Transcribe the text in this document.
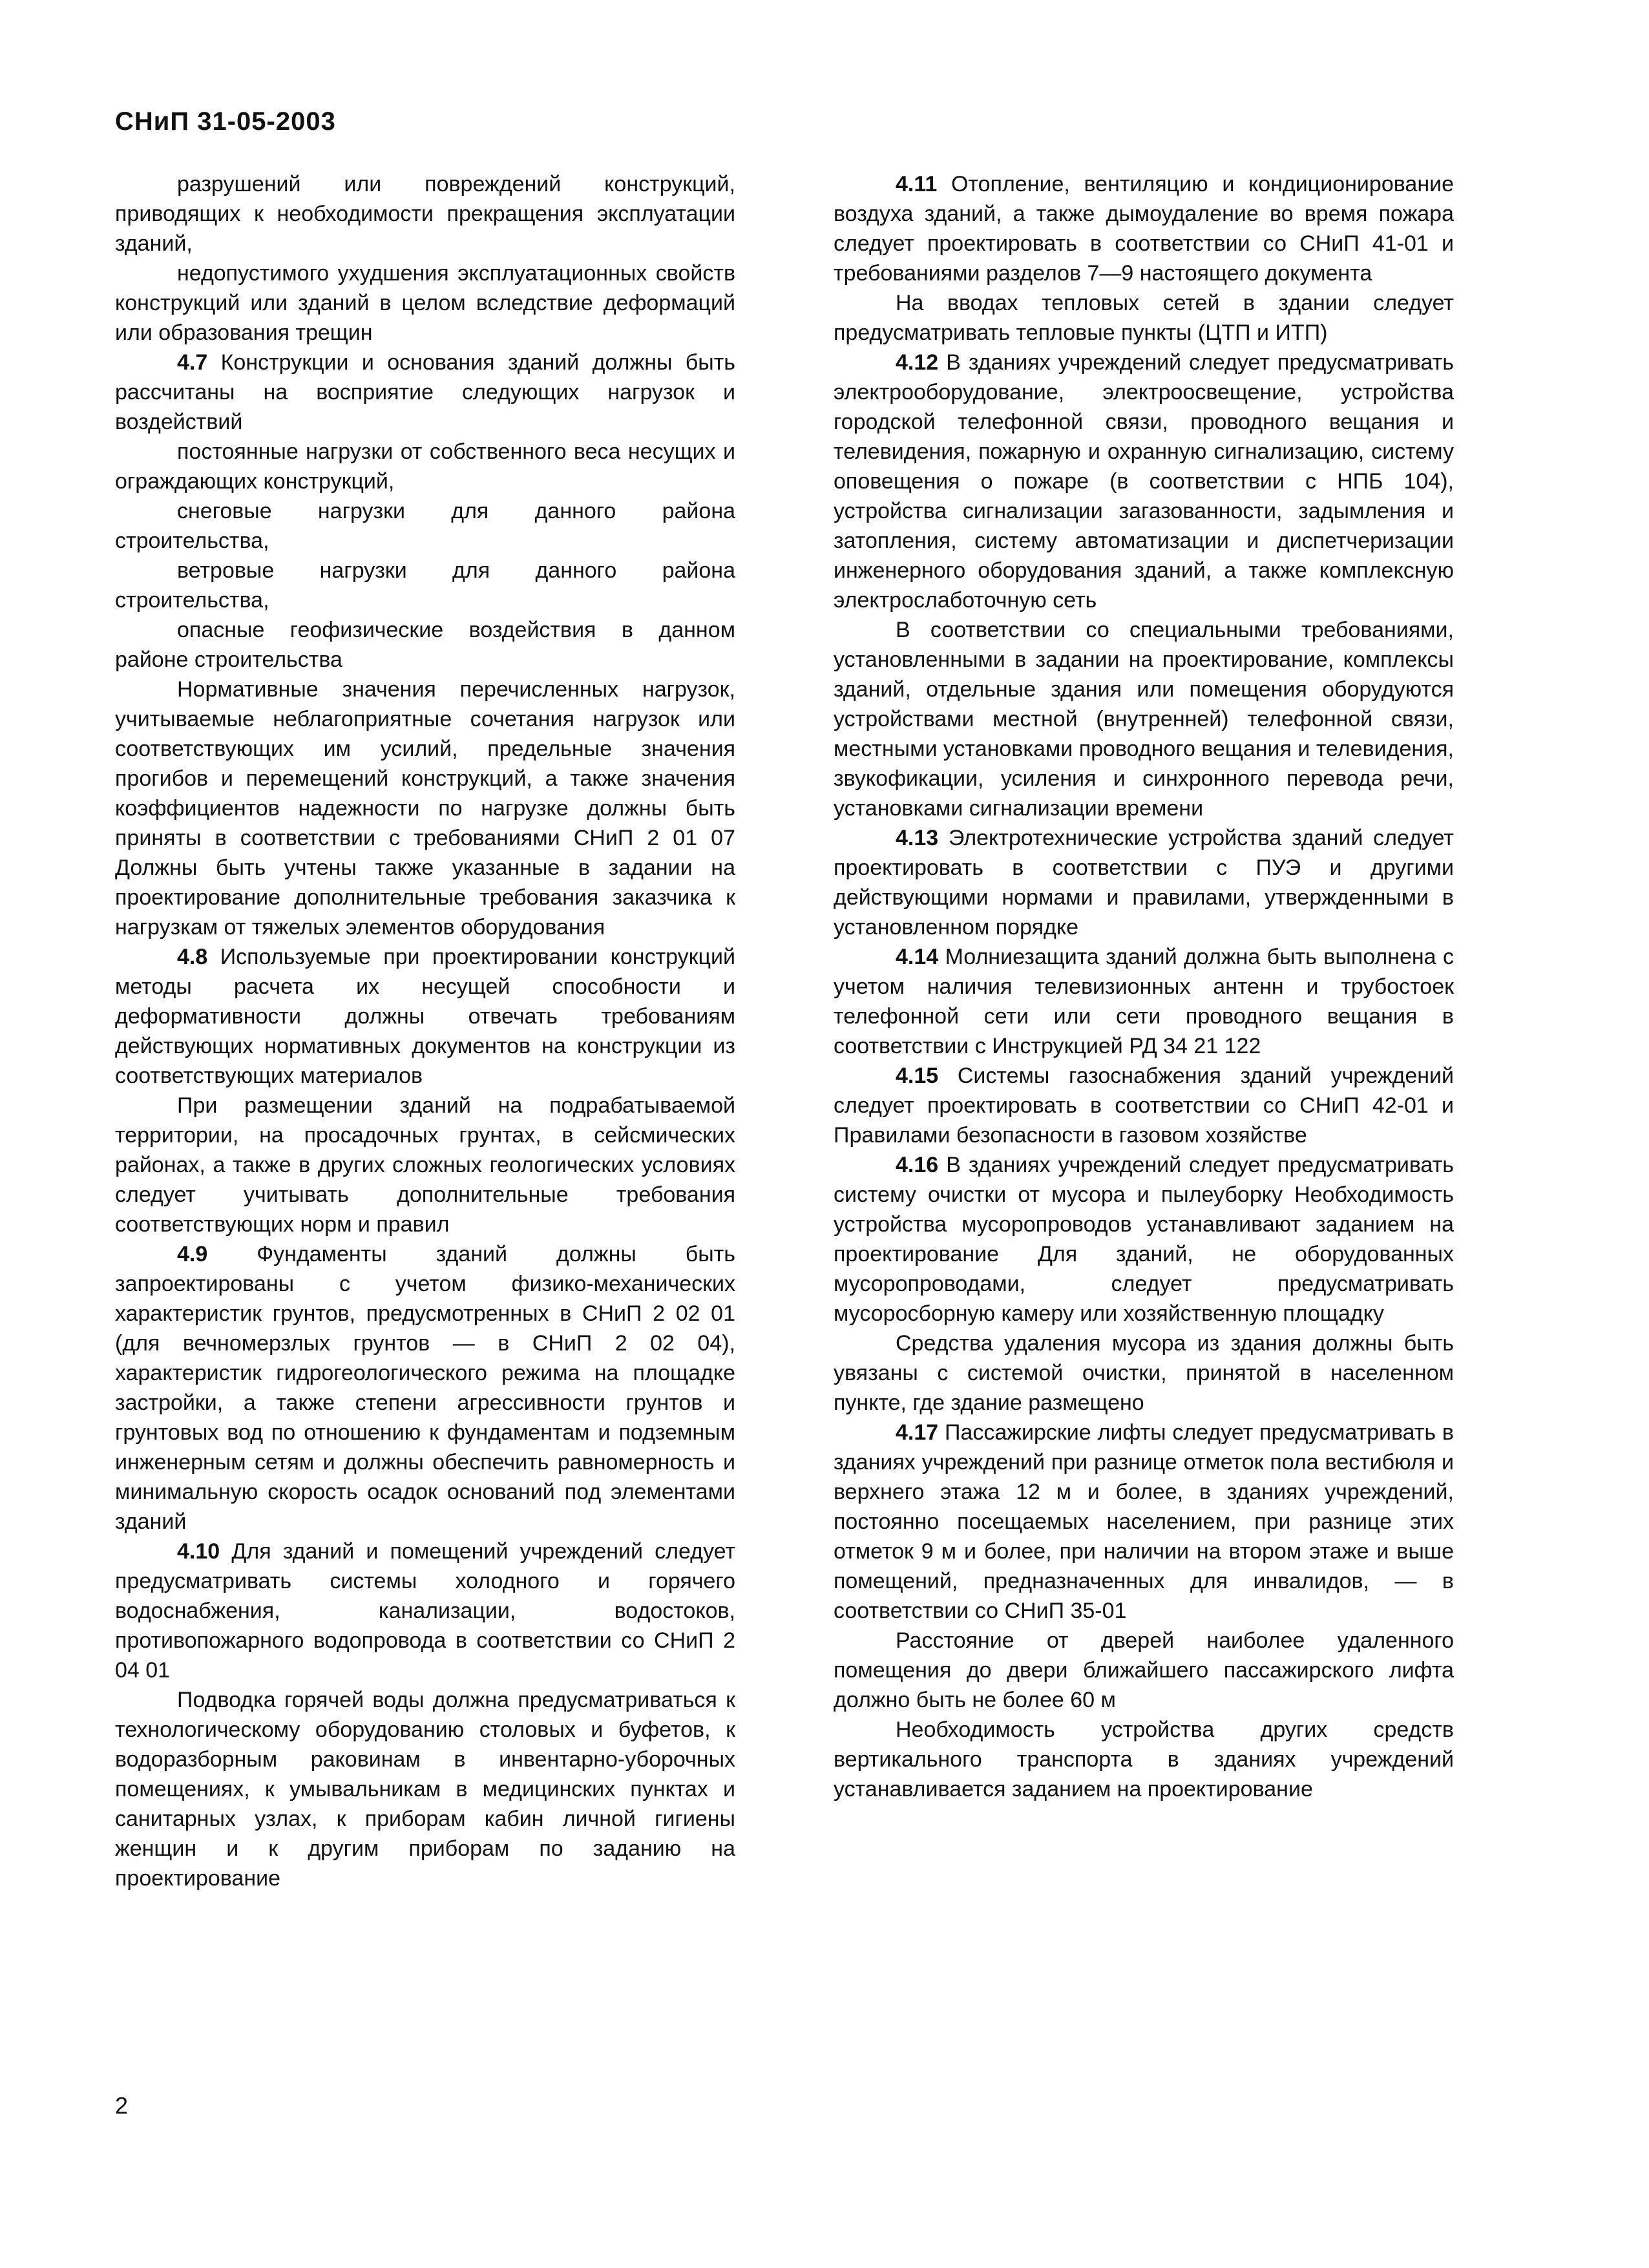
СНиП 31-05-2003

разрушений или повреждений конструкций, приводящих к необходимости прекращения эксплуатации зданий,

недопустимого ухудшения эксплуатационных свойств конструкций или зданий в целом вследствие деформаций или образования трещин

4.7 Конструкции и основания зданий должны быть рассчитаны на восприятие следующих нагрузок и воздействий

постоянные нагрузки от собственного веса несущих и ограждающих конструкций,

снеговые нагрузки для данного района строительства,

ветровые нагрузки для данного района строительства,

опасные геофизические воздействия в данном районе строительства

Нормативные значения перечисленных нагрузок, учитываемые неблагоприятные сочетания нагрузок или соответствующих им усилий, предельные значения прогибов и перемещений конструкций, а также значения коэффициентов надежности по нагрузке должны быть приняты в соответствии с требованиями СНиП 2 01 07 Должны быть учтены также указанные в задании на проектирование дополнительные требования заказчика к нагрузкам от тяжелых элементов оборудования

4.8 Используемые при проектировании конструкций методы расчета их несущей способности и деформативности должны отвечать требованиям действующих нормативных документов на конструкции из соответствующих материалов

При размещении зданий на подрабатываемой территории, на просадочных грунтах, в сейсмических районах, а также в других сложных геологических условиях следует учитывать дополнительные требования соответствующих норм и правил

4.9 Фундаменты зданий должны быть запроектированы с учетом физико-механических характеристик грунтов, предусмотренных в СНиП 2 02 01 (для вечномерзлых грунтов — в СНиП 2 02 04), характеристик гидрогеологического режима на площадке застройки, а также степени агрессивности грунтов и грунтовых вод по отношению к фундаментам и подземным инженерным сетям и должны обеспечить равномерность и минимальную скорость осадок оснований под элементами зданий

4.10 Для зданий и помещений учреждений следует предусматривать системы холодного и горячего водоснабжения, канализации, водостоков, противопожарного водопровода в соответствии со СНиП 2 04 01

Подводка горячей воды должна предусматриваться к технологическому оборудованию столовых и буфетов, к водоразборным раковинам в инвентарно-уборочных помещениях, к умывальникам в медицинских пунктах и санитарных узлах, к приборам кабин личной гигиены женщин и к другим приборам по заданию на проектирование

4.11 Отопление, вентиляцию и кондиционирование воздуха зданий, а также дымоудаление во время пожара следует проектировать в соответствии со СНиП 41-01 и требованиями разделов 7—9 настоящего документа

На вводах тепловых сетей в здании следует предусматривать тепловые пункты (ЦТП и ИТП)

4.12 В зданиях учреждений следует предусматривать электрооборудование, электроосвещение, устройства городской телефонной связи, проводного вещания и телевидения, пожарную и охранную сигнализацию, систему оповещения о пожаре (в соответствии с НПБ 104), устройства сигнализации загазованности, задымления и затопления, систему автоматизации и диспетчеризации инженерного оборудования зданий, а также комплексную электрослаботочную сеть

В соответствии со специальными требованиями, установленными в задании на проектирование, комплексы зданий, отдельные здания или помещения оборудуются устройствами местной (внутренней) телефонной связи, местными установками проводного вещания и телевидения, звукофикации, усиления и синхронного перевода речи, установками сигнализации времени

4.13 Электротехнические устройства зданий следует проектировать в соответствии с ПУЭ и другими действующими нормами и правилами, утвержденными в установленном порядке

4.14 Молниезащита зданий должна быть выполнена с учетом наличия телевизионных антенн и трубостоек телефонной сети или сети проводного вещания в соответствии с Инструкцией РД 34 21 122

4.15 Системы газоснабжения зданий учреждений следует проектировать в соответствии со СНиП 42-01 и Правилами безопасности в газовом хозяйстве

4.16 В зданиях учреждений следует предусматривать систему очистки от мусора и пылеуборку Необходимость устройства мусоропроводов устанавливают заданием на проектирование Для зданий, не оборудованных мусоропроводами, следует предусматривать мусоросборную камеру или хозяйственную площадку

Средства удаления мусора из здания должны быть увязаны с системой очистки, принятой в населенном пункте, где здание размещено

4.17 Пассажирские лифты следует предусматривать в зданиях учреждений при разнице отметок пола вестибюля и верхнего этажа 12 м и более, в зданиях учреждений, постоянно посещаемых населением, при разнице этих отметок 9 м и более, при наличии на втором этаже и выше помещений, предназначенных для инвалидов, — в соответствии со СНиП 35-01

Расстояние от дверей наиболее удаленного помещения до двери ближайшего пассажирского лифта должно быть не более 60 м

Необходимость устройства других средств вертикального транспорта в зданиях учреждений устанавливается заданием на проектирование

2
